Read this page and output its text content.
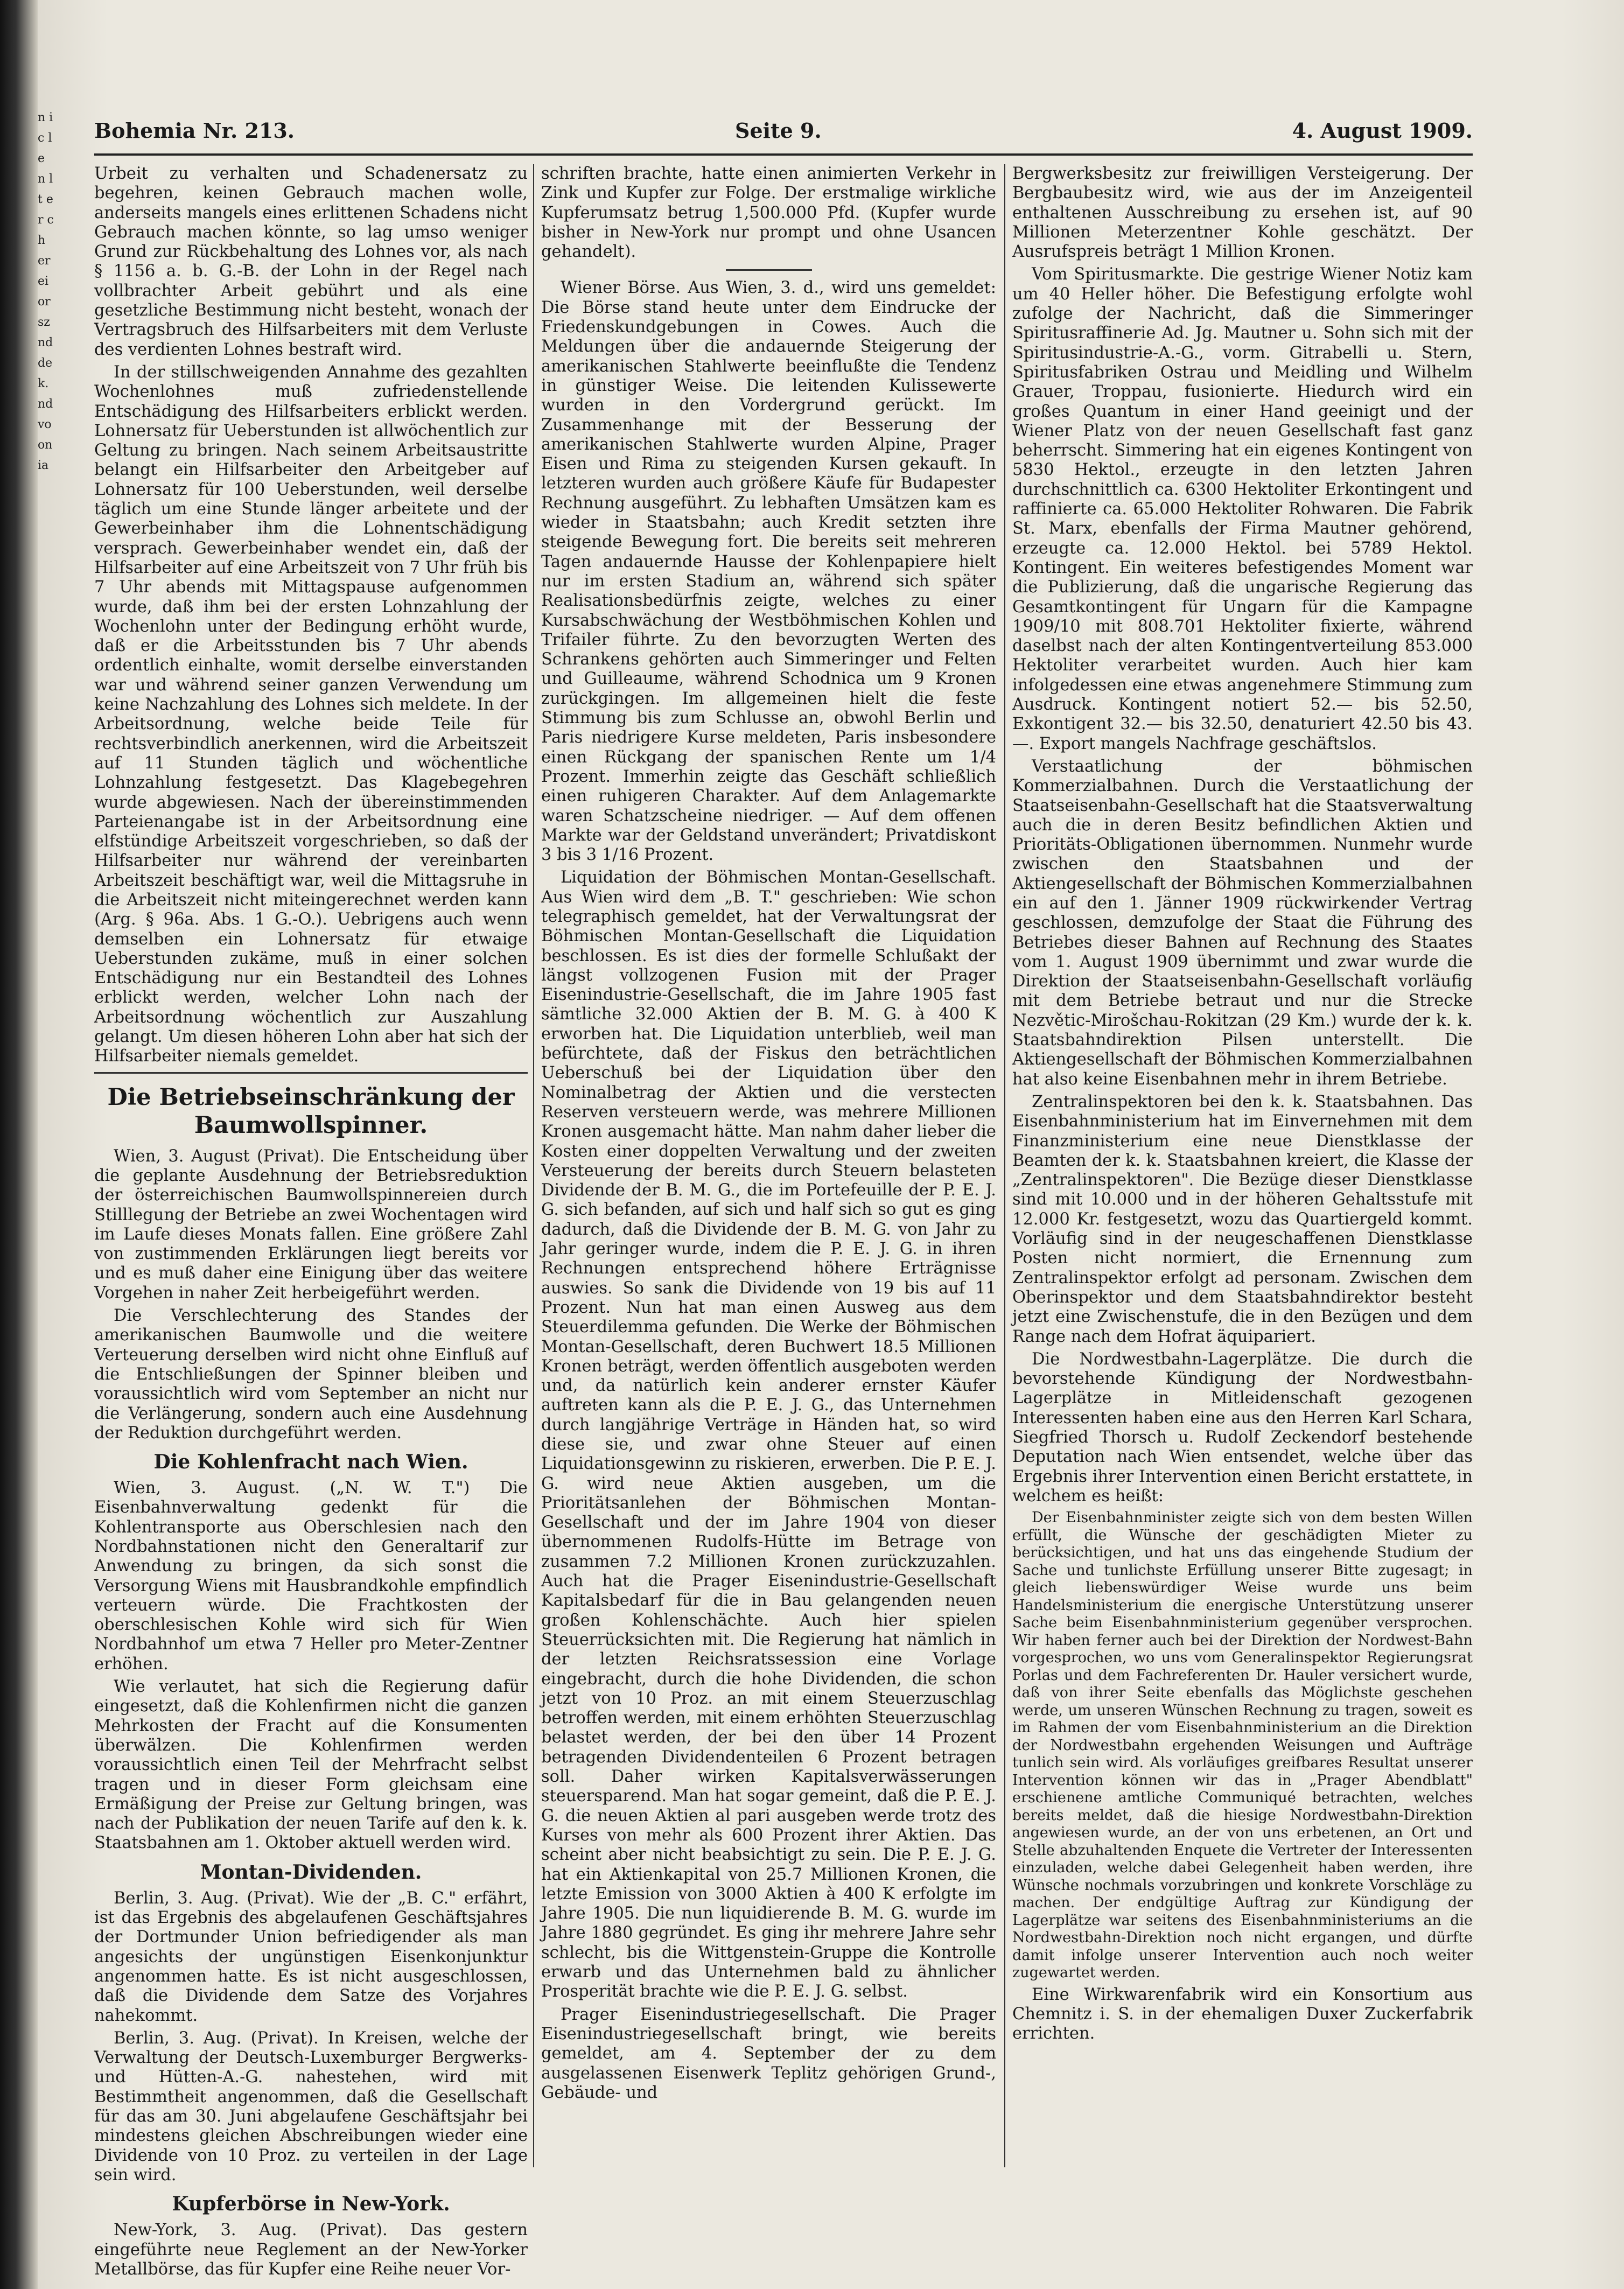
n ic le n lt er ch er ei or sz nd de k. nd vo on ia
Bohemia Nr. 213.	Seite 9.	4. August 1909.

Urbeit zu verhalten und Schadenersatz zu begehren, keinen Gebrauch machen wolle, anderseits mangels eines erlittenen Schadens nicht Gebrauch machen könnte, so lag umso weniger Grund zur Rückbehaltung des Lohnes vor, als nach § 1156 a. b. G.-B. der Lohn in der Regel nach vollbrachter Arbeit gebührt und als eine gesetzliche Bestimmung nicht besteht, wonach der Vertragsbruch des Hilfsarbeiters mit dem Verluste des verdienten Lohnes bestraft wird.

In der stillschweigenden Annahme des gezahlten Wochenlohnes muß zufriedenstellende Entschädigung des Hilfsarbeiters erblickt werden. Lohnersatz für Ueberstunden ist allwöchentlich zur Geltung zu bringen. Nach seinem Arbeitsaustritte belangt ein Hilfsarbeiter den Arbeitgeber auf Lohnersatz für 100 Ueberstunden, weil derselbe täglich um eine Stunde länger arbeitete und der Gewerbeinhaber ihm die Lohnentschädigung versprach. Gewerbeinhaber wendet ein, daß der Hilfsarbeiter auf eine Arbeitszeit von 7 Uhr früh bis 7 Uhr abends mit Mittagspause aufgenommen wurde, daß ihm bei der ersten Lohnzahlung der Wochenlohn unter der Bedingung erhöht wurde, daß er die Arbeitsstunden bis 7 Uhr abends ordentlich einhalte, womit derselbe einverstanden war und während seiner ganzen Verwendung um keine Nachzahlung des Lohnes sich meldete. In der Arbeitsordnung, welche beide Teile für rechtsverbindlich anerkennen, wird die Arbeitszeit auf 11 Stunden täglich und wöchentliche Lohnzahlung festgesetzt. Das Klagebegehren wurde abgewiesen. Nach der übereinstimmenden Parteienangabe ist in der Arbeitsordnung eine elfstündige Arbeitszeit vorgeschrieben, so daß der Hilfsarbeiter nur während der vereinbarten Arbeitszeit beschäftigt war, weil die Mittagsruhe in die Arbeitszeit nicht miteingerechnet werden kann (Arg. § 96a. Abs. 1 G.-O.). Uebrigens auch wenn demselben ein Lohnersatz für etwaige Ueberstunden zukäme, muß in einer solchen Entschädigung nur ein Bestandteil des Lohnes erblickt werden, welcher Lohn nach der Arbeitsordnung wöchentlich zur Auszahlung gelangt. Um diesen höheren Lohn aber hat sich der Hilfsarbeiter niemals gemeldet.

Die Betriebseinschränkung der Baumwollspinner.

Wien, 3. August (Privat). Die Entscheidung über die geplante Ausdehnung der Betriebsreduktion der österreichischen Baumwollspinnereien durch Stilllegung der Betriebe an zwei Wochentagen wird im Laufe dieses Monats fallen. Eine größere Zahl von zustimmenden Erklärungen liegt bereits vor und es muß daher eine Einigung über das weitere Vorgehen in naher Zeit herbeigeführt werden.

Die Verschlechterung des Standes der amerikanischen Baumwolle und die weitere Verteuerung derselben wird nicht ohne Einfluß auf die Entschließungen der Spinner bleiben und voraussichtlich wird vom September an nicht nur die Verlängerung, sondern auch eine Ausdehnung der Reduktion durchgeführt werden.

Die Kohlenfracht nach Wien.

Wien, 3. August. („N. W. T.") Die Eisenbahnverwaltung gedenkt für die Kohlentransporte aus Oberschlesien nach den Nordbahnstationen nicht den Generaltarif zur Anwendung zu bringen, da sich sonst die Versorgung Wiens mit Hausbrandkohle empfindlich verteuern würde. Die Frachtkosten der oberschlesischen Kohle wird sich für Wien Nordbahnhof um etwa 7 Heller pro Meter-Zentner erhöhen.

Wie verlautet, hat sich die Regierung dafür eingesetzt, daß die Kohlenfirmen nicht die ganzen Mehrkosten der Fracht auf die Konsumenten überwälzen. Die Kohlenfirmen werden voraussichtlich einen Teil der Mehrfracht selbst tragen und in dieser Form gleichsam eine Ermäßigung der Preise zur Geltung bringen, was nach der Publikation der neuen Tarife auf den k. k. Staatsbahnen am 1. Oktober aktuell werden wird.

Montan-Dividenden.

Berlin, 3. Aug. (Privat). Wie der „B. C." erfährt, ist das Ergebnis des abgelaufenen Geschäftsjahres der Dortmunder Union befriedigender als man angesichts der ungünstigen Eisenkonjunktur angenommen hatte. Es ist nicht ausgeschlossen, daß die Dividende dem Satze des Vorjahres nahekommt.

Berlin, 3. Aug. (Privat). In Kreisen, welche der Verwaltung der Deutsch-Luxemburger Bergwerks- und Hütten-A.-G. nahestehen, wird mit Bestimmtheit angenommen, daß die Gesellschaft für das am 30. Juni abgelaufene Geschäftsjahr bei mindestens gleichen Abschreibungen wieder eine Dividende von 10 Proz. zu verteilen in der Lage sein wird.

Kupferbörse in New-York.

New-York, 3. Aug. (Privat). Das gestern eingeführte neue Reglement an der New-Yorker Metallbörse, das für Kupfer eine Reihe neuer Vor-

schriften brachte, hatte einen animierten Verkehr in Zink und Kupfer zur Folge. Der erstmalige wirkliche Kupferumsatz betrug 1,500.000 Pfd. (Kupfer wurde bisher in New-York nur prompt und ohne Usancen gehandelt).

Wiener Börse. Aus Wien, 3. d., wird uns gemeldet: Die Börse stand heute unter dem Eindrucke der Friedenskundgebungen in Cowes. Auch die Meldungen über die andauernde Steigerung der amerikanischen Stahlwerte beeinflußte die Tendenz in günstiger Weise. Die leitenden Kulissewerte wurden in den Vordergrund gerückt. Im Zusammenhange mit der Besserung der amerikanischen Stahlwerte wurden Alpine, Prager Eisen und Rima zu steigenden Kursen gekauft. In letzteren wurden auch größere Käufe für Budapester Rechnung ausgeführt. Zu lebhaften Umsätzen kam es wieder in Staatsbahn; auch Kredit setzten ihre steigende Bewegung fort. Die bereits seit mehreren Tagen andauernde Hausse der Kohlenpapiere hielt nur im ersten Stadium an, während sich später Realisationsbedürfnis zeigte, welches zu einer Kursabschwächung der Westböhmischen Kohlen und Trifailer führte. Zu den bevorzugten Werten des Schrankens gehörten auch Simmeringer und Felten und Guilleaume, während Schodnica um 9 Kronen zurückgingen. Im allgemeinen hielt die feste Stimmung bis zum Schlusse an, obwohl Berlin und Paris niedrigere Kurse meldeten, Paris insbesondere einen Rückgang der spanischen Rente um 1/4 Prozent. Immerhin zeigte das Geschäft schließlich einen ruhigeren Charakter. Auf dem Anlagemarkte waren Schatzscheine niedriger. — Auf dem offenen Markte war der Geldstand unverändert; Privatdiskont 3 bis 3 1/16 Prozent.

Liquidation der Böhmischen Montan-Gesellschaft. Aus Wien wird dem „B. T." geschrieben: Wie schon telegraphisch gemeldet, hat der Verwaltungsrat der Böhmischen Montan-Gesellschaft die Liquidation beschlossen. Es ist dies der formelle Schlußakt der längst vollzogenen Fusion mit der Prager Eisenindustrie-Gesellschaft, die im Jahre 1905 fast sämtliche 32.000 Aktien der B. M. G. à 400 K erworben hat. Die Liquidation unterblieb, weil man befürchtete, daß der Fiskus den beträchtlichen Ueberschuß bei der Liquidation über den Nominalbetrag der Aktien und die verstecten Reserven versteuern werde, was mehrere Millionen Kronen ausgemacht hätte. Man nahm daher lieber die Kosten einer doppelten Verwaltung und der zweiten Versteuerung der bereits durch Steuern belasteten Dividende der B. M. G., die im Portefeuille der P. E. J. G. sich befanden, auf sich und half sich so gut es ging dadurch, daß die Dividende der B. M. G. von Jahr zu Jahr geringer wurde, indem die P. E. J. G. in ihren Rechnungen entsprechend höhere Erträgnisse auswies. So sank die Dividende von 19 bis auf 11 Prozent. Nun hat man einen Ausweg aus dem Steuerdilemma gefunden. Die Werke der Böhmischen Montan-Gesellschaft, deren Buchwert 18.5 Millionen Kronen beträgt, werden öffentlich ausgeboten werden und, da natürlich kein anderer ernster Käufer auftreten kann als die P. E. J. G., das Unternehmen durch langjährige Verträge in Händen hat, so wird diese sie, und zwar ohne Steuer auf einen Liquidationsgewinn zu riskieren, erwerben. Die P. E. J. G. wird neue Aktien ausgeben, um die Prioritätsanlehen der Böhmischen Montan-Gesellschaft und der im Jahre 1904 von dieser übernommenen Rudolfs-Hütte im Betrage von zusammen 7.2 Millionen Kronen zurückzuzahlen. Auch hat die Prager Eisenindustrie-Gesellschaft Kapitalsbedarf für die in Bau gelangenden neuen großen Kohlenschächte. Auch hier spielen Steuerrücksichten mit. Die Regierung hat nämlich in der letzten Reichsratssession eine Vorlage eingebracht, durch die hohe Dividenden, die schon jetzt von 10 Proz. an mit einem Steuerzuschlag betroffen werden, mit einem erhöhten Steuerzuschlag belastet werden, der bei den über 14 Prozent betragenden Dividendenteilen 6 Prozent betragen soll. Daher wirken Kapitalsverwässerungen steuersparend. Man hat sogar gemeint, daß die P. E. J. G. die neuen Aktien al pari ausgeben werde trotz des Kurses von mehr als 600 Prozent ihrer Aktien. Das scheint aber nicht beabsichtigt zu sein. Die P. E. J. G. hat ein Aktienkapital von 25.7 Millionen Kronen, die letzte Emission von 3000 Aktien à 400 K erfolgte im Jahre 1905. Die nun liquidierende B. M. G. wurde im Jahre 1880 gegründet. Es ging ihr mehrere Jahre sehr schlecht, bis die Wittgenstein-Gruppe die Kontrolle erwarb und das Unternehmen bald zu ähnlicher Prosperität brachte wie die P. E. J. G. selbst.

Prager Eisenindustriegesellschaft. Die Prager Eisenindustriegesellschaft bringt, wie bereits gemeldet, am 4. September der zu dem ausgelassenen Eisenwerk Teplitz gehörigen Grund-, Gebäude- und

Bergwerksbesitz zur freiwilligen Versteigerung. Der Bergbaubesitz wird, wie aus der im Anzeigenteil enthaltenen Ausschreibung zu ersehen ist, auf 90 Millionen Meterzentner Kohle geschätzt. Der Ausrufspreis beträgt 1 Million Kronen.

Vom Spiritusmarkte. Die gestrige Wiener Notiz kam um 40 Heller höher. Die Befestigung erfolgte wohl zufolge der Nachricht, daß die Simmeringer Spiritusraffinerie Ad. Jg. Mautner u. Sohn sich mit der Spiritusindustrie-A.-G., vorm. Gitrabelli u. Stern, Spiritusfabriken Ostrau und Meidling und Wilhelm Grauer, Troppau, fusionierte. Hiedurch wird ein großes Quantum in einer Hand geeinigt und der Wiener Platz von der neuen Gesellschaft fast ganz beherrscht. Simmering hat ein eigenes Kontingent von 5830 Hektol., erzeugte in den letzten Jahren durchschnittlich ca. 6300 Hektoliter Erkontingent und raffinierte ca. 65.000 Hektoliter Rohwaren. Die Fabrik St. Marx, ebenfalls der Firma Mautner gehörend, erzeugte ca. 12.000 Hektol. bei 5789 Hektol. Kontingent. Ein weiteres befestigendes Moment war die Publizierung, daß die ungarische Regierung das Gesamtkontingent für Ungarn für die Kampagne 1909/10 mit 808.701 Hektoliter fixierte, während daselbst nach der alten Kontingentverteilung 853.000 Hektoliter verarbeitet wurden. Auch hier kam infolgedessen eine etwas angenehmere Stimmung zum Ausdruck. Kontingent notiert 52.— bis 52.50, Exkontigent 32.— bis 32.50, denaturiert 42.50 bis 43.—. Export mangels Nachfrage geschäftslos.

Verstaatlichung der böhmischen Kommerzialbahnen. Durch die Verstaatlichung der Staatseisenbahn-Gesellschaft hat die Staatsverwaltung auch die in deren Besitz befindlichen Aktien und Prioritäts-Obligationen übernommen. Nunmehr wurde zwischen den Staatsbahnen und der Aktiengesellschaft der Böhmischen Kommerzialbahnen ein auf den 1. Jänner 1909 rückwirkender Vertrag geschlossen, demzufolge der Staat die Führung des Betriebes dieser Bahnen auf Rechnung des Staates vom 1. August 1909 übernimmt und zwar wurde die Direktion der Staatseisenbahn-Gesellschaft vorläufig mit dem Betriebe betraut und nur die Strecke Nezvětic-Mirošchau-Rokitzan (29 Km.) wurde der k. k. Staatsbahndirektion Pilsen unterstellt. Die Aktiengesellschaft der Böhmischen Kommerzialbahnen hat also keine Eisenbahnen mehr in ihrem Betriebe.

Zentralinspektoren bei den k. k. Staatsbahnen. Das Eisenbahnministerium hat im Einvernehmen mit dem Finanzministerium eine neue Dienstklasse der Beamten der k. k. Staatsbahnen kreiert, die Klasse der „Zentralinspektoren". Die Bezüge dieser Dienstklasse sind mit 10.000 und in der höheren Gehaltsstufe mit 12.000 Kr. festgesetzt, wozu das Quartiergeld kommt. Vorläufig sind in der neugeschaffenen Dienstklasse Posten nicht normiert, die Ernennung zum Zentralinspektor erfolgt ad personam. Zwischen dem Oberinspektor und dem Staatsbahndirektor besteht jetzt eine Zwischenstufe, die in den Bezügen und dem Range nach dem Hofrat äquipariert.

Die Nordwestbahn-Lagerplätze. Die durch die bevorstehende Kündigung der Nordwestbahn-Lagerplätze in Mitleidenschaft gezogenen Interessenten haben eine aus den Herren Karl Schara, Siegfried Thorsch u. Rudolf Zeckendorf bestehende Deputation nach Wien entsendet, welche über das Ergebnis ihrer Intervention einen Bericht erstattete, in welchem es heißt:

Der Eisenbahnminister zeigte sich von dem besten Willen erfüllt, die Wünsche der geschädigten Mieter zu berücksichtigen, und hat uns das eingehende Studium der Sache und tunlichste Erfüllung unserer Bitte zugesagt; in gleich liebenswürdiger Weise wurde uns beim Handelsministerium die energische Unterstützung unserer Sache beim Eisenbahnministerium gegenüber versprochen. Wir haben ferner auch bei der Direktion der Nordwest-Bahn vorgesprochen, wo uns vom Generalinspektor Regierungsrat Porlas und dem Fachreferenten Dr. Hauler versichert wurde, daß von ihrer Seite ebenfalls das Möglichste geschehen werde, um unseren Wünschen Rechnung zu tragen, soweit es im Rahmen der vom Eisenbahnministerium an die Direktion der Nordwestbahn ergehenden Weisungen und Aufträge tunlich sein wird. Als vorläufiges greifbares Resultat unserer Intervention können wir das in „Prager Abendblatt" erschienene amtliche Communiqué betrachten, welches bereits meldet, daß die hiesige Nordwestbahn-Direktion angewiesen wurde, an der von uns erbetenen, an Ort und Stelle abzuhaltenden Enquete die Vertreter der Interessenten einzuladen, welche dabei Gelegenheit haben werden, ihre Wünsche nochmals vorzubringen und konkrete Vorschläge zu machen. Der endgültige Auftrag zur Kündigung der Lagerplätze war seitens des Eisenbahnministeriums an die Nordwestbahn-Direktion noch nicht ergangen, und dürfte damit infolge unserer Intervention auch noch weiter zugewartet werden.

Eine Wirkwarenfabrik wird ein Konsortium aus Chemnitz i. S. in der ehemaligen Duxer Zuckerfabrik errichten.
